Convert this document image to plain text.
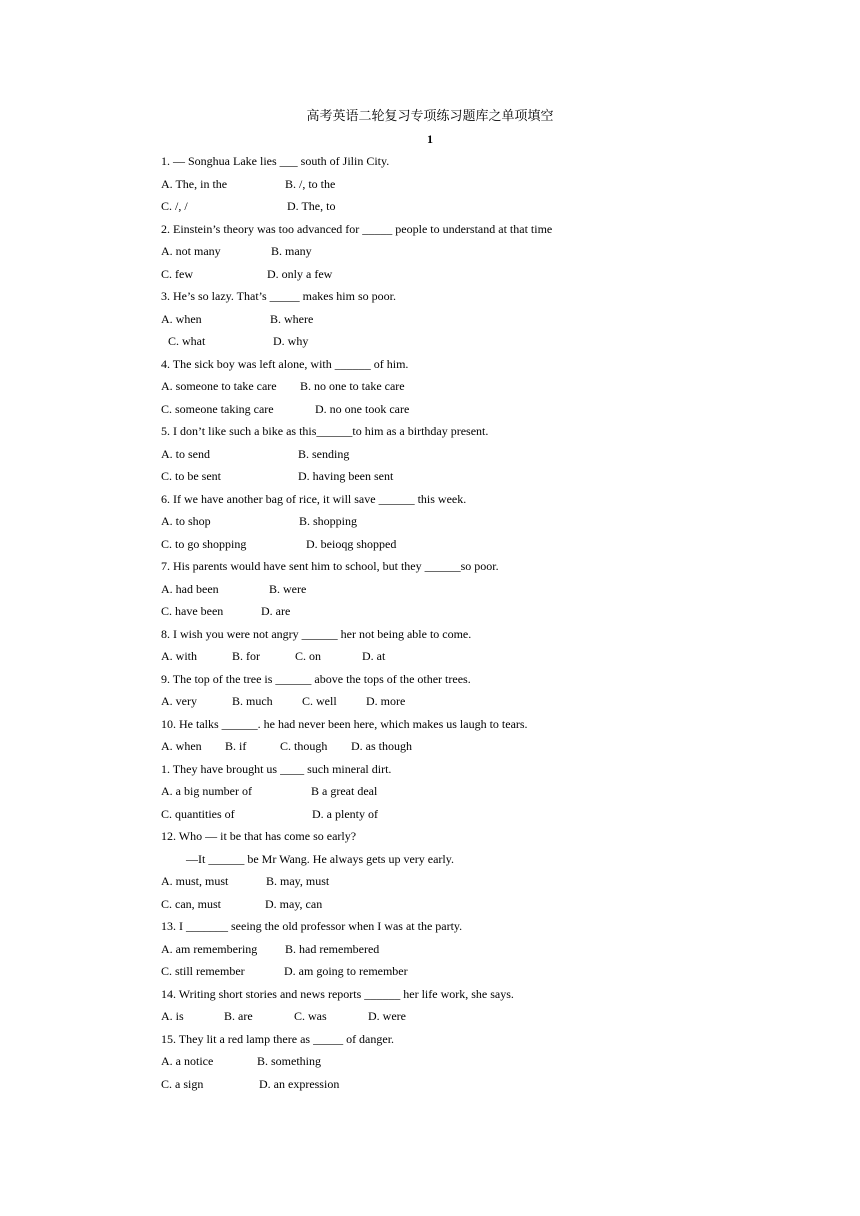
高考英语二轮复习专项练习题库之单项填空
1
1. — Songhua Lake lies ___ south of Jilin City.
A. The, in the	B. /, to the
C. /, /	D. The, to
2. Einstein’s theory was too advanced for _____ people to understand at that time
A. not many	B. many
C. few	D. only a few
3. He’s so lazy. That’s _____ makes him so poor.
A. when	B. where
C. what	D. why
4. The sick boy was left alone, with ______ of him.
A. someone to take care B. no one to take care
C. someone taking care	D. no one took care
5. I don’t like such a bike as this______to him as a birthday present.
A. to send	B. sending
C. to be sent	D. having been sent
6. If we have another bag of rice, it will save ______ this week.
A. to shop	B. shopping
C. to go shopping	D. beioqg shopped
7. His parents would have sent him to school, but they ______so poor.
A. had been	B. were
C. have been	D. are
8. I wish you were not angry ______ her not being able to come.
A. with	B. for	C. on	D. at
9. The top of the tree is ______ above the tops of the other trees.
A. very	B. much C. well D. more
10. He talks ______. he had never been here, which makes us laugh to tears.
A. when B. if	C. though D. as though
1. They have brought us ____ such mineral dirt.
A. a big number of	B a great deal
C. quantities of	D. a plenty of
12. Who — it be that has come so early?
—It ______ be Mr Wang. He always gets up very early.
A. must, must	B. may, must
C. can, must	D. may, can
13. I _______ seeing the old professor when I was at the party.
A. am remembering B. had remembered
C. still remember	D. am going to remember
14. Writing short stories and news reports ______ her life work, she says.
A. is	B. are	C. was	D. were
15. They lit a red lamp there as _____ of danger.
A. a notice	B. something
C. a sign	D. an expression
